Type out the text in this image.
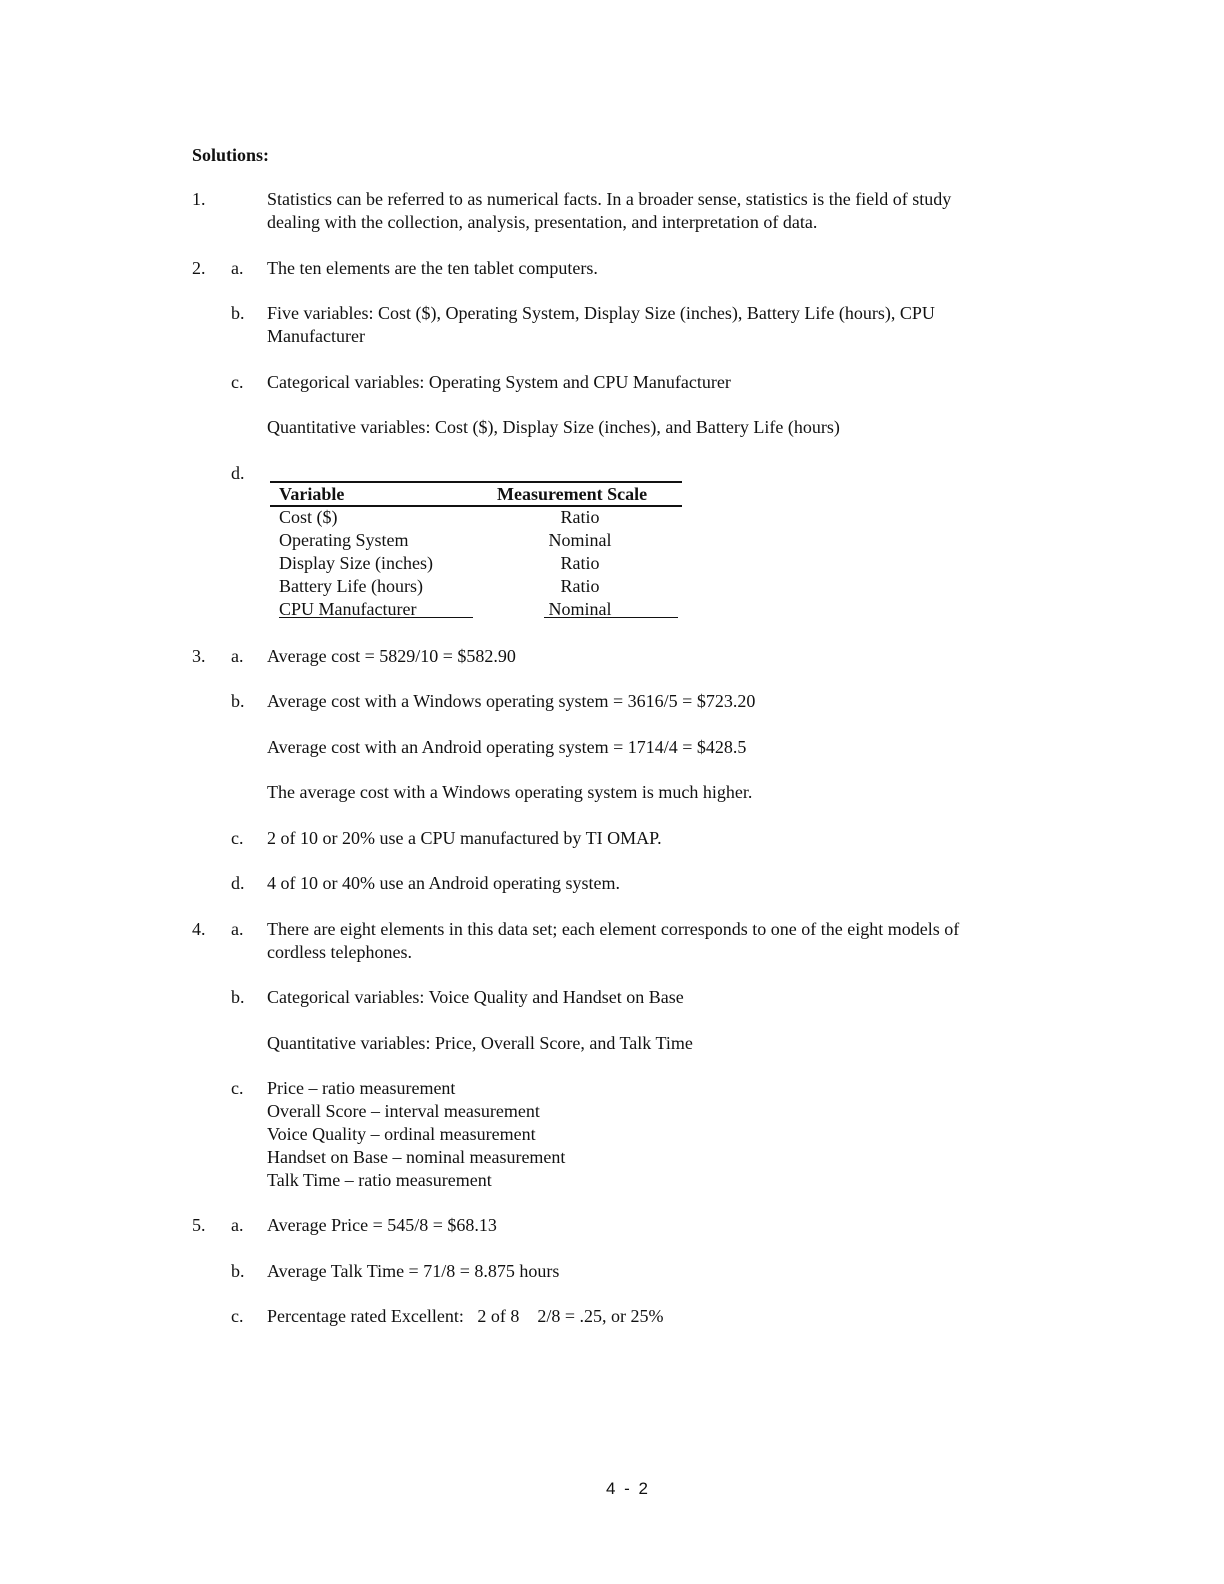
Solutions:
1.	Statistics can be referred to as numerical facts. In a broader sense, statistics is the field of study
dealing with the collection, analysis, presentation, and interpretation of data.
2. a. The ten elements are the ten tablet computers.
b. Five variables: Cost ($), Operating System, Display Size (inches), Battery Life (hours), CPU
Manufacturer
c. Categorical variables: Operating System and CPU Manufacturer
Quantitative variables: Cost ($), Display Size (inches), and Battery Life (hours)
d.
Variable	Measurement Scale
Cost ($)	Ratio
Operating System	Nominal
Display Size (inches)	Ratio
Battery Life (hours)	Ratio
CPU Manufacturer	Nominal
3. a. Average cost = 5829/10 = $582.90
b. Average cost with a Windows operating system = 3616/5 = $723.20
Average cost with an Android operating system = 1714/4 = $428.5
The average cost with a Windows operating system is much higher.
c. 2 of 10 or 20% use a CPU manufactured by TI OMAP.
d. 4 of 10 or 40% use an Android operating system.
4. a. There are eight elements in this data set; each element corresponds to one of the eight models of
cordless telephones.
b. Categorical variables: Voice Quality and Handset on Base
Quantitative variables: Price, Overall Score, and Talk Time
c. Price – ratio measurement
Overall Score – interval measurement
Voice Quality – ordinal measurement
Handset on Base – nominal measurement
Talk Time – ratio measurement
5. a. Average Price = 545/8 = $68.13
b. Average Talk Time = 71/8 = 8.875 hours
c. Percentage rated Excellent:   2 of 8    2/8 = .25, or 25%
4 - 2
